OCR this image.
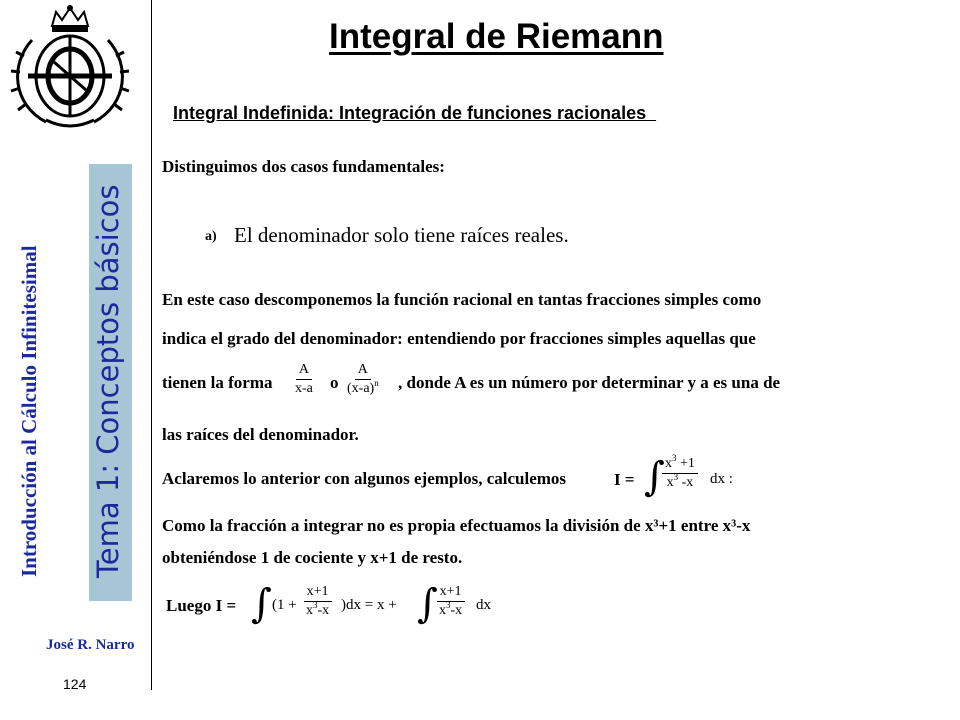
Introducción al Cálculo Infinitesimal Tema 1: Conceptos básicos
José R. Narro
124
Integral de Riemann
Integral Indefinida: Integración de funciones racionales
Distinguimos dos casos fundamentales:
a) El denominador solo tiene raíces reales.
En este caso descomponemos la función racional en tantas fracciones simples como
indica el grado del denominador: entendiendo por fracciones simples aquellas que
tienen la forma $\frac{A}{x-a}$ o $\frac{A}{(x-a)^n}$ , donde A es un número por determinar y a es una de
las raíces del denominador.
Aclaremos lo anterior con algunos ejemplos, calculemos	I = ∫
$\frac{x^3 +1}{x^3 -x}$ dx :
Como la fracción a integrar no es propia efectuamos la división de x³+1 entre x³-x
obteniéndose 1 de cociente y x+1 de resto.
Luego I = ∫ $(1 + \frac{x+1}{x^3-x} )dx = x$ + ∫
$\frac{x+1}{x^3-x}$ dx
